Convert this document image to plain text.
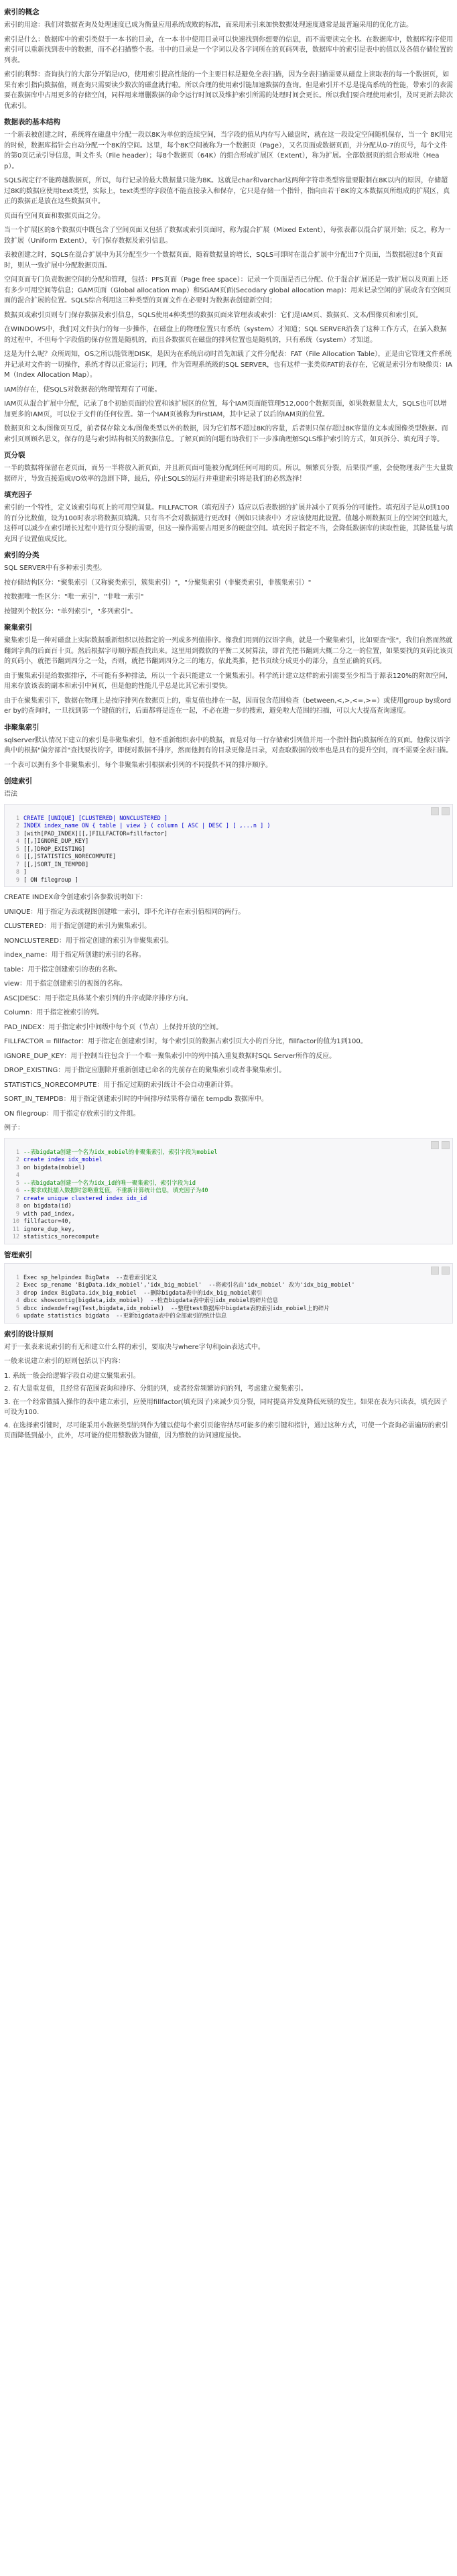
索引的概念

索引的用途：我们对数据查询及处理速度已成为衡量应用系统成败的标准，而采用索引来加快数据处理速度通常是最普遍采用的优化方法。

索引是什么：数据库中的索引类似于一本书的目录，在一本书中使用目录可以快速找到你想要的信息，而不需要读完全书。在数据库中，数据库程序使用索引可以重新找到表中的数据，而不必扫描整个表。书中的目录是一个字词以及各字词所在的页码列表，数据库中的索引是表中的值以及各值存储位置的列表。

索引的利弊：查询执行的大部分开销是I/O，使用索引提高性能的一个主要目标是避免全表扫描，因为全表扫描需要从磁盘上读取表的每一个数据页，如果有索引指向数据值，则查询只需要读少数次的磁盘就行啦。所以合理的使用索引能加速数据的查询。但是索引并不总是提高系统的性能，带索引的表需要在数据库中占用更多的存储空间，同样用来增删数据的命令运行时间以及维护索引所需的处理时间会更长。所以我们要合理使用索引，及时更新去除次优索引。

数据表的基本结构

一个新表被创建之时，系统将在磁盘中分配一段以8K为单位的连续空间，当字段的值从内存写入磁盘时，就在这一段设定空间随机保存，当一个 8K用完的时候，数据库指针会自动分配一个8K的空间。这里，每个8K空间被称为一个数据页（Page），又名页面或数据页面，并分配从0-7的页号，每个文件的第0页记录引导信息，叫文件头（File header）；每8个数据页（64K）的组合形成扩展区（Extent），称为扩展。全部数据页的组合形成堆（Heap）。

SQLS规定行不能跨越数据页，所以，每行记录的最大数据量只能为8K。这就是char和varchar这两种字符串类型容量要限制在8K以内的原因，存储超过8K的数据应使用text类型，实际上，text类型的字段值不能直接录入和保存，它只是存储一个指针，指向由若干8K的文本数据页所组成的扩展区，真正的数据正是放在这些数据页中。

页面有空间页面和数据页面之分。

当一个扩展区的8个数据页中既包含了空间页面又包括了数据或索引页面时，称为混合扩展（Mixed Extent），每张表都以混合扩展开始；反之，称为一致扩展（Uniform Extent），专门保存数据及索引信息。

表被创建之时，SQLS在混合扩展中为其分配至少一个数据页面，随着数据量的增长，SQLS可即时在混合扩展中分配出7个页面，当数据超过8个页面时，则从一致扩展中分配数据页面。

空间页面专门负责数据空间的分配和管理，包括：PFS页面（Page free space）：记录一个页面是否已分配、位于混合扩展还是一致扩展以及页面上还有多少可用空间等信息；GAM页面（Global allocation map）和SGAM页面(Secodary global allocation map)：用来记录空闲的扩展或含有空闲页面的混合扩展的位置。SQLS综合利用这三种类型的页面文件在必要时为数据表创建新空间；

数据页或索引页则专门保存数据及索引信息，SQLS使用4种类型的数据页面来管理表或索引：它们是IAM页、数据页、文本/图像页和索引页。

在WINDOWS中，我们对文件执行的每一步操作，在磁盘上的物理位置只有系统（system）才知道；SQL SERVER沿袭了这种工作方式，在插入数据的过程中，不但每个字段值的保存位置是随机的，而且各数据页在磁盘的排列位置也是随机的，只有系统（system）才知道。

这是为什么呢？众所周知，OS之所以能管理DISK，是因为在系统启动时首先加载了文件分配表：FAT（File Allocation Table），正是由它管理文件系统并记录对文件的一切操作，系统才得以正常运行；同理，作为管理系统级的SQL SERVER，也有这样一张类似FAT的表存在，它就是索引分布映像页：IAM（Index Allocation Map）。

IAM的存在，使SQLS对数据表的物理管理有了可能。

IAM页从混合扩展中分配，记录了8个初始页面的位置和该扩展区的位置，每个IAM页面能管理512,000个数据页面，如果数据量太大，SQLS也可以增加更多的IAM页，可以位于文件的任何位置。第一个IAM页被称为FirstIAM，其中记录了以后的IAM页的位置。

数据页和文本/图像页互反，前者保存除文本/图像类型以外的数据，因为它们都不超过8K的容量，后者则只保存超过8K容量的文本或图像类型数据。而索引页则顾名思义，保存的是与索引结构相关的数据信息。了解页面的问题有助我们下一步准确理解SQLS维护索引的方式，如页拆分、填充因子等。

页分裂

一半的数据将保留在老页面，而另一半将放入新页面，并且新页面可能被分配到任何可用的页。所以，频繁页分裂，后果很严重，会使物理表产生大量数据碎片，导致直接造成I/O效率的急剧下降，最后，停止SQLS的运行并重建索引将是我们的必然选择！

填充因子

索引的一个特性，定义该索引每页上的可用空间量。FILLFACTOR（填充因子）适应以后表数据的扩展并减小了页拆分的可能性。填充因子是从0到100的百分比数值，设为100时表示将数据页填满。只有当不会对数据进行更改时（例如只读表中）才应该使用此设置。值越小则数据页上的空闲空间越大，这样可以减少在索引增长过程中进行页分裂的需要，但这一操作需要占用更多的硬盘空间。填充因子指定不当，会降低数据库的读取性能，其降低量与填充因子设置值成反比。

索引的分类

SQL SERVER中有多种索引类型。

按存储结构区分："聚集索引（又称聚类索引，簇集索引）"，"分聚集索引（非聚类索引，非簇集索引）"

按数据唯一性区分："唯一索引"，"非唯一索引"

按键列个数区分："单列索引"，"多列索引"。

聚集索引

聚集索引是一种对磁盘上实际数据重新组织以按指定的一列或多列值排序。像我们用到的汉语字典，就是一个聚集索引，比如要查"张"，我们自然而然就翻到字典的后面百十页。然后根据字母顺序跟查找出来。这里用到微软的平衡二叉树算法，即首先把书翻到大概二分之一的位置，如果要找的页码比该页的页码小，就把书翻到四分之一处，否则，就把书翻到四分之三的地方，依此类推，把书页续分成更小的部分，直至正确的页码。

由于聚集索引是给数据排序，不可能有多种排法，所以一个表只能建立一个聚集索引。科学统计建立这样的索引需要至少相当于源表120%的附加空间，用来存放该表的副本和索引中间页，但是他的性能几乎总是比其它索引要快。

由于在聚集索引下，数据在物理上是按序排列在数据页上的，重复值也排在一起，因而包含范围检查（between,<,>,<=,>=）或使用group by或order by的查询时，一旦找到第一个键值的行，后面都将是连在一起，不必在进一步的搜索，避免啦大范围的扫描，可以大大提高查询速度。

非聚集索引

sqlserver默认情况下建立的索引是非聚集索引，他不重新组织表中的数据，而是对每一行存储索引列值并用一个指针指向数据所在的页面。他像汉语字典中的根据"偏旁部首"查找要找的字，即便对数据不排序，然而他拥有的目录更像是目录，对查取数据的效率也是具有的提升空间，而不需要全表扫描。

一个表可以拥有多个非聚集索引，每个非聚集索引根据索引列的不同提供不同的排序顺序。

创建索引

语法

1 CREATE [UNIQUE] [CLUSTERED| NONCLUSTERED ]
2 INDEX index_name ON { table | view } ( column [ ASC | DESC ] [ ,...n ] )
3 [with[PAD_INDEX][[,]FILLFACTOR=fillfactor]
4 [[,]IGNORE_DUP_KEY]
5 [[,]DROP_EXISTING]
6 [[,]STATISTICS_NORECOMPUTE]
7 [[,]SORT_IN_TEMPDB]
8 ]
9 [ ON filegroup ]

CREATE INDEX命令创建索引各参数说明如下：

UNIQUE：用于指定为表或视图创建唯一索引，即不允许存在索引值相同的两行。

CLUSTERED：用于指定创建的索引为聚集索引。

NONCLUSTERED：用于指定创建的索引为非聚集索引。

index_name：用于指定所创建的索引的名称。

table：用于指定创建索引的表的名称。

view：用于指定创建索引的视图的名称。

ASC|DESC：用于指定具体某个索引列的升序或降序排序方向。

Column：用于指定被索引的列。

PAD_INDEX：用于指定索引中间级中每个页（节点）上保持开放的空间。

FILLFACTOR = fillfactor：用于指定在创建索引时，每个索引页的数据占索引页大小的百分比，fillfactor的值为1到100。

IGNORE_DUP_KEY：用于控制当往包含于一个唯一聚集索引中的列中插入重复数据时SQL Server所作的反应。

DROP_EXISTING：用于指定应删除并重新创建已命名的先前存在的聚集索引或者非聚集索引。

STATISTICS_NORECOMPUTE：用于指定过期的索引统计不会自动重新计算。

SORT_IN_TEMPDB：用于指定创建索引时的中间排序结果将存储在 tempdb 数据库中。

ON filegroup：用于指定存放索引的文件组。

例子：

1 --表bigdata创建一个名为idx_mobiel的非聚集索引，索引字段为mobiel
2 create index idx_mobiel
3 on bigdata(mobiel)
4
5 --表bigdata创建一个名为idx_id的唯一聚集索引，索引字段为id
6 --要求成批插入数据时忽略重复值，不重新计算统计信息，填充因子为40
7 create unique clustered index idx_id
8 on bigdata(id)
9 with pad_index,
10 fillfactor=40,
11 ignore_dup_key,
12 statistics_norecompute
管理索引
1 Exec sp_helpindex BigData  --查看索引定义
2 Exec sp_rename 'BigData.idx_mobiel','idx_big_mobiel'  --将索引名由'idx_mobiel' 改为'idx_big_mobiel'
3 drop index BigData.idx_big_mobiel  --删除bigdata表中的idx_big_mobiel索引
4 dbcc showcontig(bigdata,idx_mobiel)  --检查bigdata表中索引idx_mobiel的碎片信息
5 dbcc indexdefrag(Test,bigdata,idx_mobiel)  --整理test数据库中bigdata表的索引idx_mobiel上的碎片
6 update statistics bigdata  --更新bigdata表中的全部索引的统计信息
索引的设计原则

对于一张表来说索引的有无和建立什么样的索引，要取决与where字句和Join表达式中。

一般来说建立索引的原则包括以下内容：

1. 系统一般会给逻辑字段自动建立聚集索引。

2. 有大量重复值，且经常有范围查询和排序、分组的列，或者经常频繁访问的列，考虑建立聚集索引。

3. 在一个经常做插入操作的表中建立索引，应使用fillfactor(填充因子)来减少页分裂，同时提高并发度降低死锁的发生。如果在表为只读表，填充因子可设为100.

4. 在选择索引键时，尽可能采用小数据类型的列作为键以使每个索引页能容纳尽可能多的索引键和指针，通过这种方式，可使一个查询必需遍历的索引页面降低到最小，此外，尽可能的使用整数做为键值，因为整数的访问速度最快。
